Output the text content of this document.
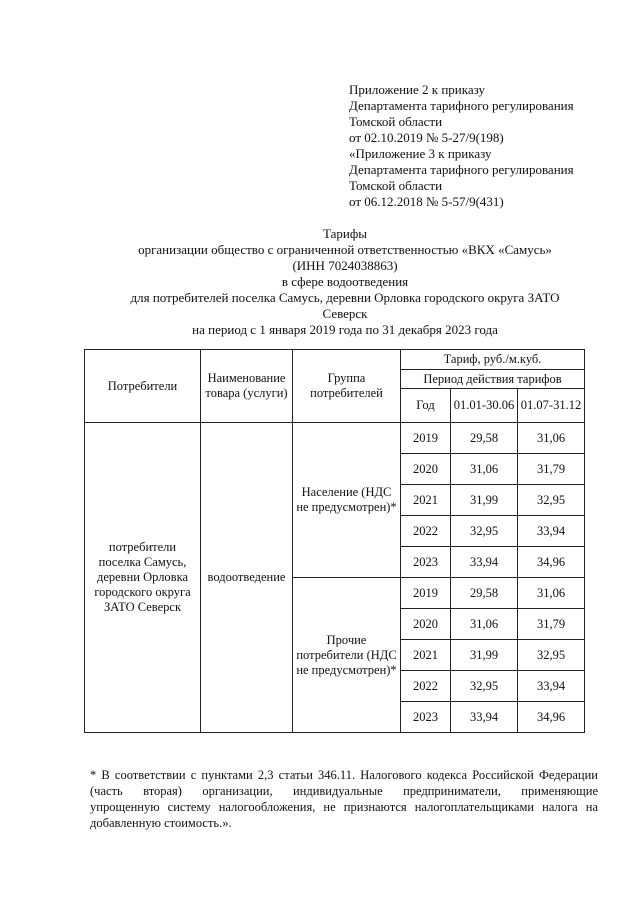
Приложение 2 к приказу
Департамента тарифного регулирования
Томской области
от 02.10.2019 № 5-27/9(198)
«Приложение 3 к приказу
Департамента тарифного регулирования
Томской области
от 06.12.2018 № 5-57/9(431)
Тарифы
организации общество с ограниченной ответственностью «ВКХ «Самусь»
(ИНН 7024038863)
в сфере водоотведения
для потребителей поселка Самусь, деревни Орловка городского округа ЗАТО
Северск
на период с 1 января 2019 года по 31 декабря 2023 года
Потребители	Наименование товара (услуги)	Группа потребителей	Тариф, руб./м.куб.		
			Период действия тарифов		
			Год	01.01-30.06	01.07-31.12
потребители поселка Самусь, деревни Орловка городского округа ЗАТО Северск	водоотведение	Население (НДС не предусмотрен)*	2019	29,58	31,06
			2020	31,06	31,79
			2021	31,99	32,95
			2022	32,95	33,94
			2023	33,94	34,96
		Прочие потребители (НДС не предусмотрен)*	2019	29,58	31,06
			2020	31,06	31,79
			2021	31,99	32,95
			2022	32,95	33,94
			2023	33,94	34,96
* В соответствии с пунктами 2,3 статьи 346.11. Налогового кодекса Российской Федерации
(часть вторая) организации, индивидуальные предприниматели, применяющие
упрощенную систему налогообложения, не признаются налогоплательщиками налога на
добавленную стоимость.».
